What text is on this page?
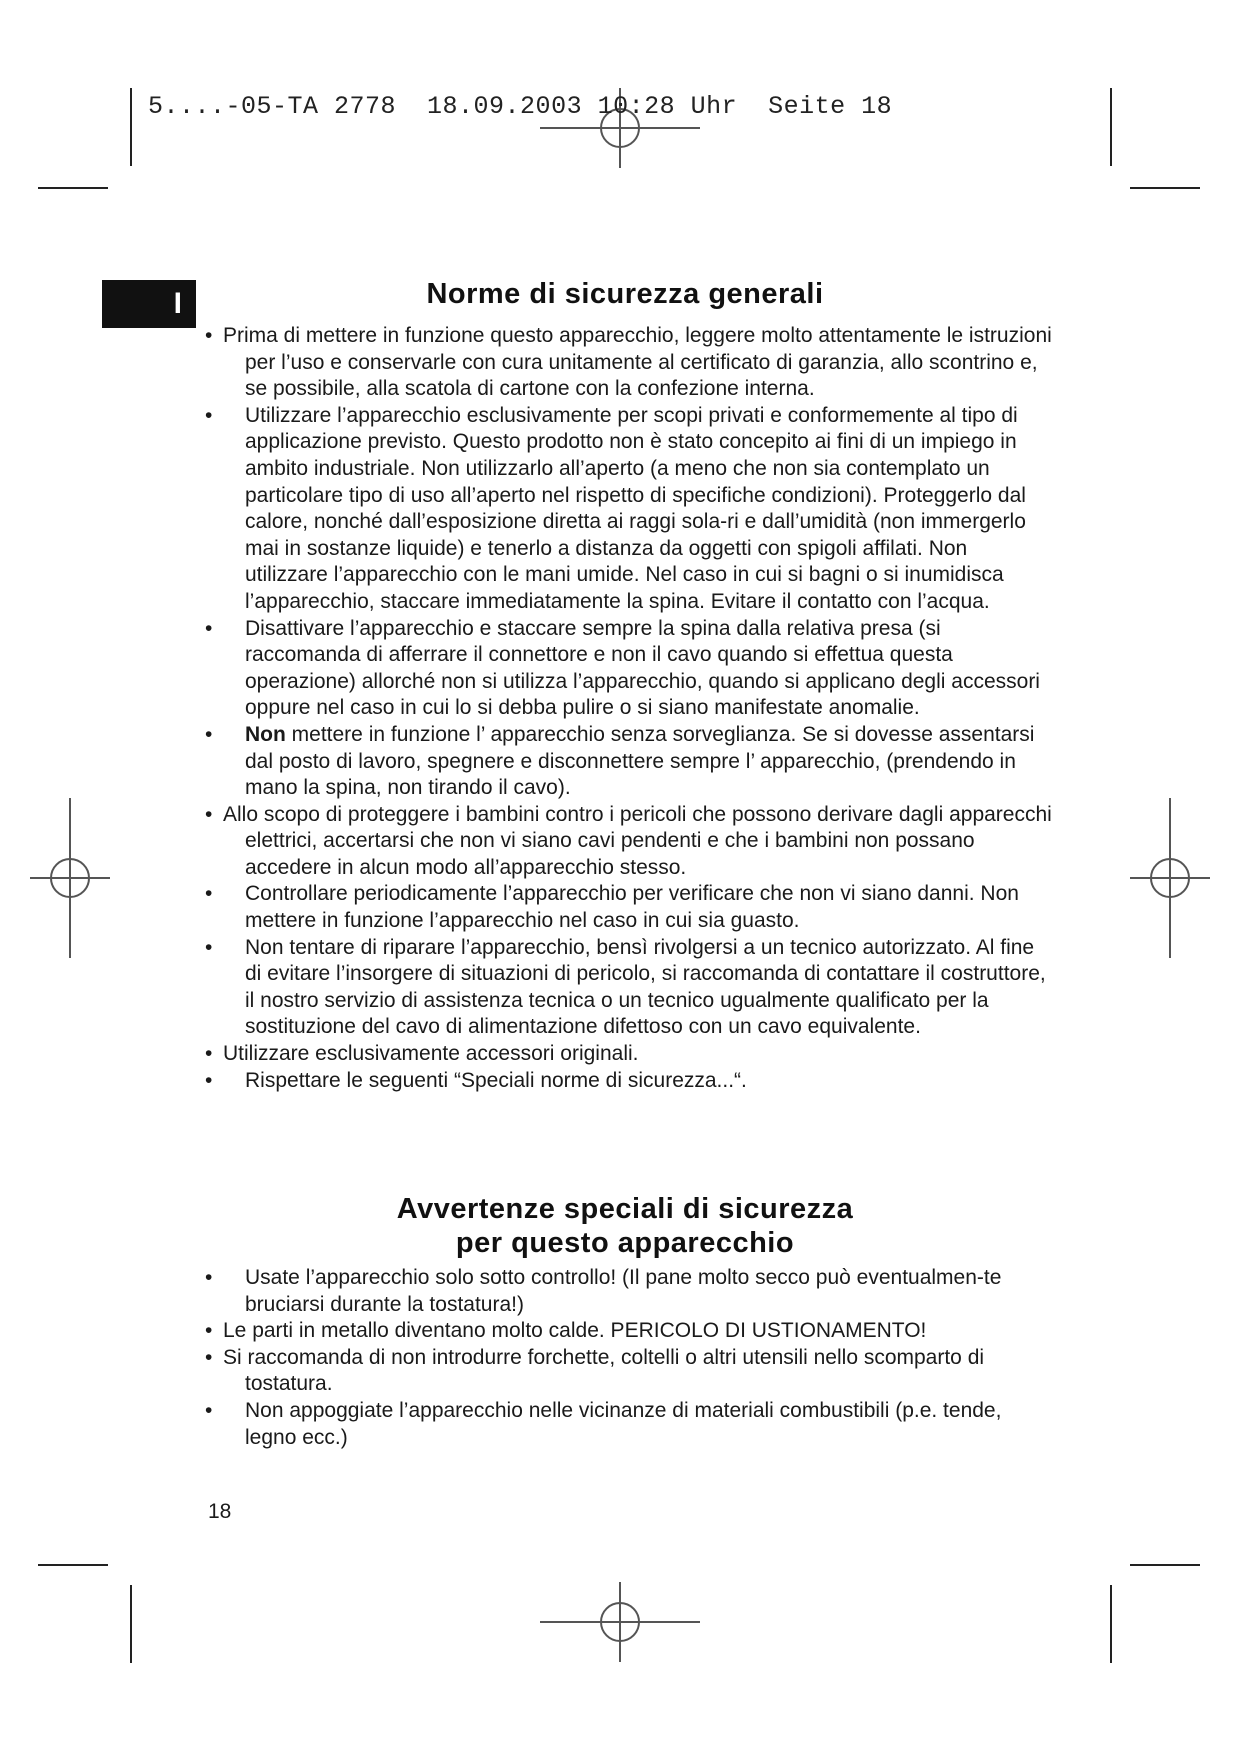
5....-05-TA 2778  18.09.2003 10:28 Uhr  Seite 18
I	Norme di sicurezza generali
• Prima di mettere in funzione questo apparecchio, leggere molto attentamente le istruzioni per l’uso e conservarle con cura unitamente al certificato di garanzia, allo scontrino e, se possibile, alla scatola di cartone con la confezione interna.
• Utilizzare l’apparecchio esclusivamente per scopi privati e conformemente al tipo di applicazione previsto. Questo prodotto non è stato concepito ai fini di un impiego in ambito industriale. Non utilizzarlo all’aperto (a meno che non sia contemplato un particolare tipo di uso all’aperto nel rispetto di specifiche condizioni). Proteggerlo dal calore, nonché dall’esposizione diretta ai raggi sola-ri e dall’umidità (non immergerlo mai in sostanze liquide) e tenerlo a distanza da oggetti con spigoli affilati. Non utilizzare l’apparecchio con le mani umide. Nel caso in cui si bagni o si inumidisca l’apparecchio, staccare immediatamente la spina. Evitare il contatto con l’acqua.
• Disattivare l’apparecchio e staccare sempre la spina dalla relativa presa (si raccomanda di afferrare il connettore e non il cavo quando si effettua questa operazione) allorché non si utilizza l’apparecchio, quando si applicano degli accessori oppure nel caso in cui lo si debba pulire o si siano manifestate anomalie.
• Non mettere in funzione l’ apparecchio senza sorveglianza. Se si dovesse assentarsi dal posto di lavoro, spegnere e disconnettere sempre l’ apparecchio, (prendendo in mano la spina, non tirando il cavo).
• Allo scopo di proteggere i bambini contro i pericoli che possono derivare dagli apparecchi elettrici, accertarsi che non vi siano cavi pendenti e che i bambini non possano accedere in alcun modo all’apparecchio stesso.
• Controllare periodicamente l’apparecchio per verificare che non vi siano danni. Non mettere in funzione l’apparecchio nel caso in cui sia guasto.
• Non tentare di riparare l’apparecchio, bensì rivolgersi a un tecnico autorizzato. Al fine di evitare l’insorgere di situazioni di pericolo, si raccomanda di contattare il costruttore, il nostro servizio di assistenza tecnica o un tecnico ugualmente qualificato per la sostituzione del cavo di alimentazione difettoso con un cavo equivalente.
• Utilizzare esclusivamente accessori originali.
• Rispettare le seguenti “Speciali norme di sicurezza...“.
Avvertenze speciali di sicurezza
per questo apparecchio
• Usate l’apparecchio solo sotto controllo! (Il pane molto secco può eventualmen-te bruciarsi durante la tostatura!)
• Le parti in metallo diventano molto calde. PERICOLO DI USTIONAMENTO!
• Si raccomanda di non introdurre forchette, coltelli o altri utensili nello scomparto di tostatura.
• Non appoggiate l’apparecchio nelle vicinanze di materiali combustibili (p.e. tende, legno ecc.)
18
